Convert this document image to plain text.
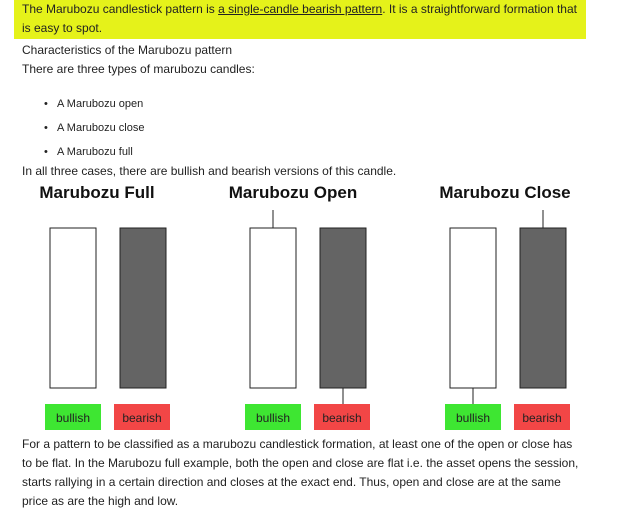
The Marubozu candlestick pattern is a single-candle bearish pattern. It is a straightforward formation that is easy to spot.
Characteristics of the Marubozu pattern
There are three types of marubozu candles:
• A Marubozu open
• A Marubozu close
• A Marubozu full
In all three cases, there are bullish and bearish versions of this candle.
Marubozu Full
bullish	bearish
Marubozu Open
bullish	bearish
Marubozu Close
bullish	bearish
For a pattern to be classified as a marubozu candlestick formation, at least one of the open or close has to be flat. In the Marubozu full example, both the open and close are flat i.e. the asset opens the session, starts rallying in a certain direction and closes at the exact end. Thus, open and close are at the same price as are the high and low.
